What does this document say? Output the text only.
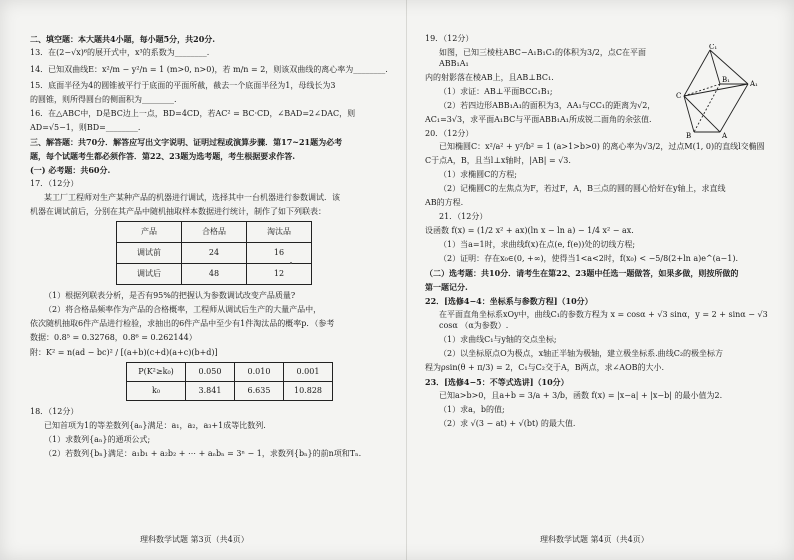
二、填空题：本大题共4小题，每小题5分，共20分.

13．在(2−√x)⁶的展开式中，x³的系数为________.

14．已知双曲线E：x²/m − y²/n = 1 (m>0, n>0)，若 m/n = 2，则该双曲线的离心率为________.

15．底面半径为4的圆锥被平行于底面的平面所截，截去一个底面半径为1，母线长为3

的圆锥，则所得圆台的侧面积为________.

16．在△ABC中，D是BC边上一点，BD=4CD，若AC² = BC·CD，∠BAD=2∠DAC，则

AD=√5−1，则BD=________.

三、解答题：共70分．解答应写出文字说明、证明过程或演算步骤．第17~21题为必考

题，每个试题考生都必须作答．第22、23题为选考题，考生根据要求作答.

(一) 必考题：共60分.

17．（12分）

某工厂工程师对生产某种产品的机器进行调试，选择其中一台机器进行参数调试．该

机器在调试前后，分别在其产品中随机抽取样本数据进行统计，制作了如下列联表：

产品	合格品	淘汰品
调试前	24	16
调试后	48	12

（1）根据列联表分析，是否有95%的把握认为参数调试改变产品质量?

（2）将合格品频率作为产品的合格概率，工程师从调试后生产的大量产品中，

依次随机抽取6件产品进行检验，求抽出的6件产品中至少有1件淘汰品的概率p．（参考

数据：0.8⁵ = 0.32768，0.8⁶ = 0.262144）

附：K² = n(ad − bc)² / [(a+b)(c+d)(a+c)(b+d)]

P(K²≥k₀)	0.050	0.010	0.001
k₀	3.841	6.635	10.828

18．（12分）

已知首项为1的等差数列{aₙ}满足：a₁，a₂，a₃+1成等比数列.

（1）求数列{aₙ}的通项公式;

（2）若数列{bₙ}满足：a₁b₁ + a₂b₂ + ⋯ + aₙbₙ = 3ⁿ − 1，求数列{bₙ}的前n项和Tₙ.

理科数学试题 第3页（共4页）

19．（12分）

如图，已知三棱柱ABC−A₁B₁C₁的体积为3/2，点C在平面ABB₁A₁

内的射影落在棱AB上，且AB⊥BC₁.

（1）求证：AB⊥平面BCC₁B₁;

（2）若四边形ABB₁A₁的面积为3，AA₁与CC₁的距离为√2，

AC₁=3√3，求平面A₁BC与平面ABB₁A₁所成锐二面角的余弦值.

20．（12分）

已知椭圆C：x²/a² + y²/b² = 1 (a>1>b>0) 的离心率为√3/2，过点M(1, 0)的直线l交椭圆

C于点A，B，且当l⊥x轴时，|AB| = √3.

（1）求椭圆C的方程;

（2）记椭圆C的左焦点为F，若过F，A，B三点的圆的圆心恰好在y轴上，求直线

AB的方程.

21．（12分）

设函数 f(x) = (1/2 x² + ax)(ln x − ln a) − 1/4 x² − ax.

（1）当a=1时，求曲线f(x)在点(e, f(e))处的切线方程;

（2）证明：存在x₀∈(0, +∞)，使得当1<a<2时，f(x₀) < −5/8(2+ln a)e^(a−1).

（二）选考题：共10分．请考生在第22、23题中任选一题做答，如果多做，则按所做的

第一题记分.

22．[选修4−4：坐标系与参数方程]（10分）

在平面直角坐标系xOy中，曲线C₁的参数方程为 x = cosα + √3 sinα，y = 2 + sinα − √3 cosα （α为参数）.

（1）求曲线C₁与y轴的交点坐标;

（2）以坐标原点O为极点，x轴正半轴为极轴，建立极坐标系.曲线C₂的极坐标方

程为ρsin(θ + π/3) = 2，C₁与C₂交于A，B两点，求∠AOB的大小.

23．[选修4−5：不等式选讲]（10分）

已知a>b>0，且a+b = 3/a + 3/b，函数 f(x) = |x−a| + |x−b| 的最小值为2.

（1）求a，b的值;

（2）求 √(3 − at) + √(bt) 的最大值.

C₁
B₁	A₁
C
A
B
理科数学试题 第4页（共4页）
